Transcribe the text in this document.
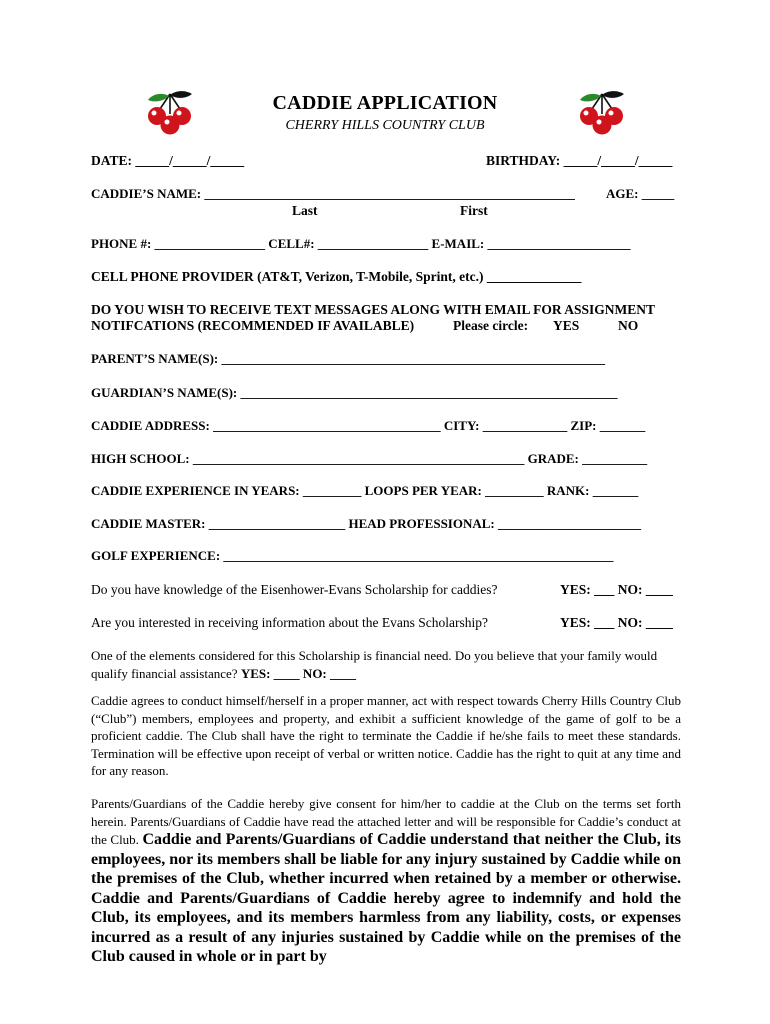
CADDIE APPLICATION
CHERRY HILLS COUNTRY CLUB
DATE: _____/_____/_____	BIRTHDAY: _____/_____/_____
CADDIE’S NAME: _________________________________________________________ AGE: _____
Last	First
PHONE #: _________________ CELL#: _________________ E-MAIL: ______________________
CELL PHONE PROVIDER (AT&T, Verizon, T-Mobile, Sprint, etc.) ______________
DO YOU WISH TO RECEIVE TEXT MESSAGES ALONG WITH EMAIL FOR ASSIGNMENT
NOTIFCATIONS (RECOMMENDED IF AVAILABLE)	Please circle: YES	NO
PARENT’S NAME(S): ___________________________________________________________
GUARDIAN’S NAME(S): __________________________________________________________
CADDIE ADDRESS: ___________________________________ CITY: _____________ ZIP: _______
HIGH SCHOOL: ___________________________________________________ GRADE: __________
CADDIE EXPERIENCE IN YEARS: _________ LOOPS PER YEAR: _________ RANK: _______
CADDIE MASTER: _____________________ HEAD PROFESSIONAL: ______________________
GOLF EXPERIENCE: ____________________________________________________________
Do you have knowledge of the Eisenhower-Evans Scholarship for caddies?	YES: ___ NO: ____
Are you interested in receiving information about the Evans Scholarship?	YES: ___ NO: ____
One of the elements considered for this Scholarship is financial need. Do you believe that your family would qualify financial assistance? YES: ____ NO: ____
Caddie agrees to conduct himself/herself in a proper manner, act with respect towards Cherry Hills Country Club (“Club”) members, employees and property, and exhibit a sufficient knowledge of the game of golf to be a proficient caddie. The Club shall have the right to terminate the Caddie if he/she fails to meet these standards. Termination will be effective upon receipt of verbal or written notice. Caddie has the right to quit at any time and for any reason.
Parents/Guardians of the Caddie hereby give consent for him/her to caddie at the Club on the terms set forth herein. Parents/Guardians of Caddie have read the attached letter and will be responsible for Caddie’s conduct at the Club. Caddie and Parents/Guardians of Caddie understand that neither the Club, its employees, nor its members shall be liable for any injury sustained by Caddie while on the premises of the Club, whether incurred when retained by a member or otherwise. Caddie and Parents/Guardians of Caddie hereby agree to indemnify and hold the Club, its employees, and its members harmless from any liability, costs, or expenses incurred as a result of any injuries sustained by Caddie while on the premises of the Club caused in whole or in part by
